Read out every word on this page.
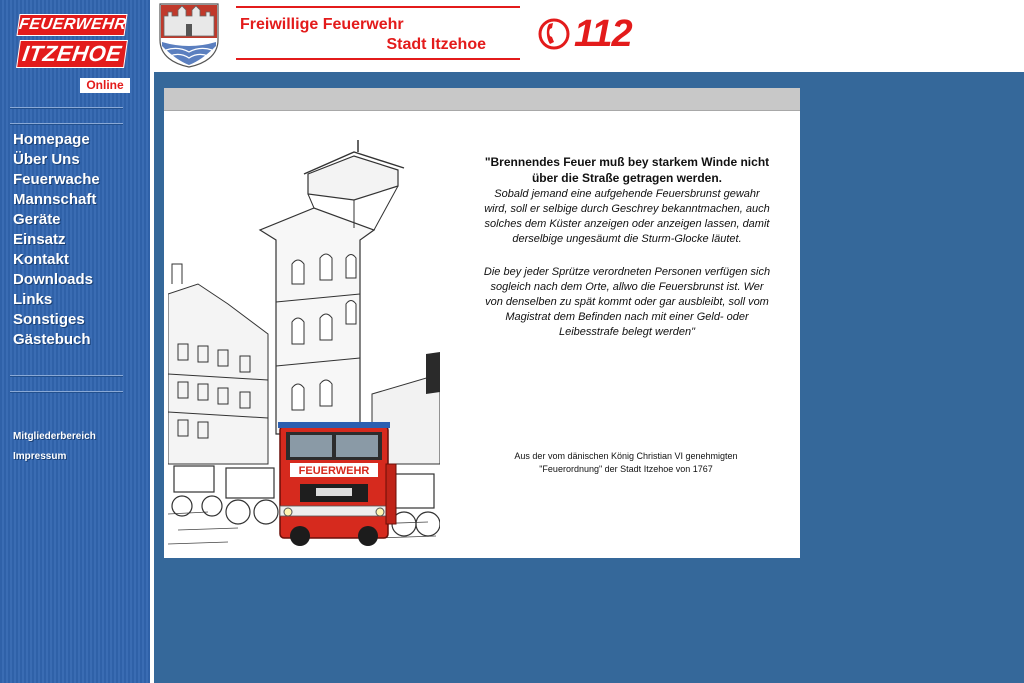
FEUERWEHR
ITZEHOE
Online
Homepage
Über Uns
Feuerwache
Mannschaft
Geräte
Einsatz
Kontakt
Downloads
Links
Sonstiges
Gästebuch
Mitgliederbereich
Impressum
Freiwillige Feuerwehr
Stadt Itzehoe 112
FEUERWEHR
"Brennendes Feuer muß bey starkem Winde nicht über die Straße getragen werden.
Sobald jemand eine aufgehende Feuersbrunst gewahr wird, soll er selbige durch Geschrey bekanntmachen, auch solches dem Küster anzeigen oder anzeigen lassen, damit derselbige ungesäumt die Sturm-Glocke läutet.
Die bey jeder Sprütze verordneten Personen verfügen sich sogleich nach dem Orte, allwo die Feuersbrunst ist. Wer von denselben zu spät kommt oder gar ausbleibt, soll vom Magistrat dem Befinden nach mit einer Geld- oder Leibesstrafe belegt werden"
Aus der vom dänischen König Christian VI genehmigten "Feuerordnung" der Stadt Itzehoe von 1767
